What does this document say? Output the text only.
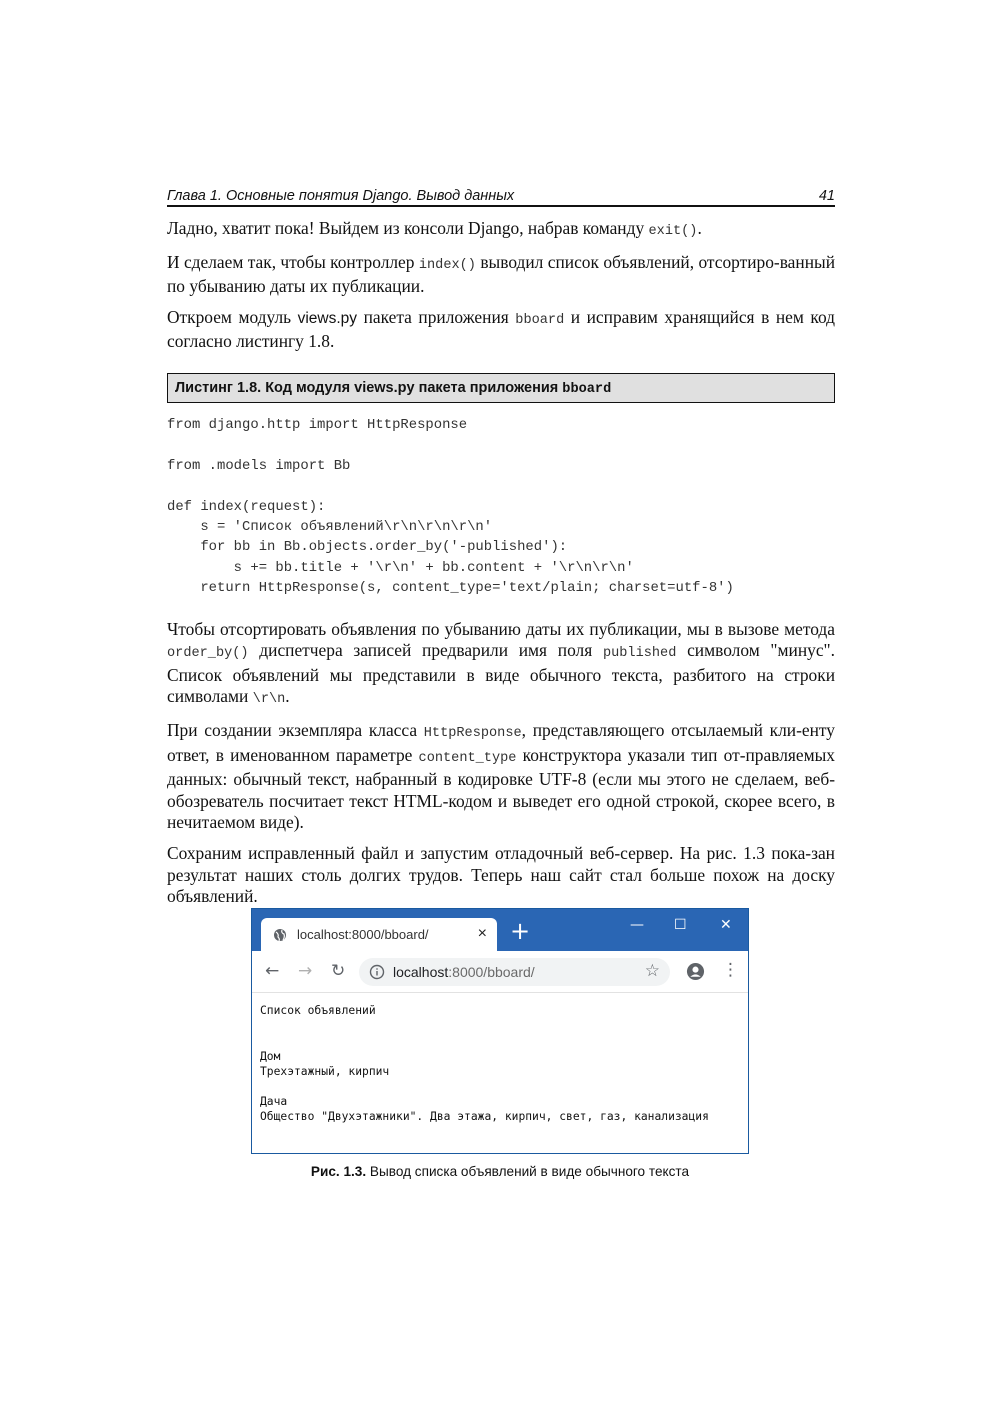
Глава 1. Основные понятия Django. Вывод данных	41

Ладно, хватит пока! Выйдем из консоли Django, набрав команду exit().

И сделаем так, чтобы контроллер index() выводил список объявлений, отсортиро-ванный по убыванию даты их публикации.

Откроем модуль views.py пакета приложения bboard и исправим хранящийся в нем код согласно листингу 1.8.

Листинг 1.8. Код модуля views.py пакета приложения bboard
from django.http import HttpResponse

from .models import Bb

def index(request):
s = 'Список объявлений\r\n\r\n\r\n'
for bb in Bb.objects.order_by('-published'):
s += bb.title + '\r\n' + bb.content + '\r\n\r\n'
return HttpResponse(s, content_type='text/plain; charset=utf-8')

Чтобы отсортировать объявления по убыванию даты их публикации, мы в вызове метода order_by() диспетчера записей предварили имя поля published символом "минус". Список объявлений мы представили в виде обычного текста, разбитого на строки символами \r\n.

При создании экземпляра класса HttpResponse, представляющего отсылаемый кли-енту ответ, в именованном параметре content_type конструктора указали тип от-правляемых данных: обычный текст, набранный в кодировке UTF-8 (если мы этого не сделаем, веб-обозреватель посчитает текст HTML-кодом и выведет его одной строкой, скорее всего, в нечитаемом виде).

Сохраним исправленный файл и запустим отладочный веб-сервер. На рис. 1.3 пока-зан результат наших столь долгих трудов. Теперь наш сайт стал больше похож на доску объявлений.

localhost:8000/bboard/	× +	— ☐ ✕
← → ↻	localhost:8000/bboard/	☆	⋮
Список объявлений

Дом
Трехэтажный, кирпич

Дача
Общество "Двухэтажники". Два этажа, кирпич, свет, газ, канализация
Рис. 1.3. Вывод списка объявлений в виде обычного текста
